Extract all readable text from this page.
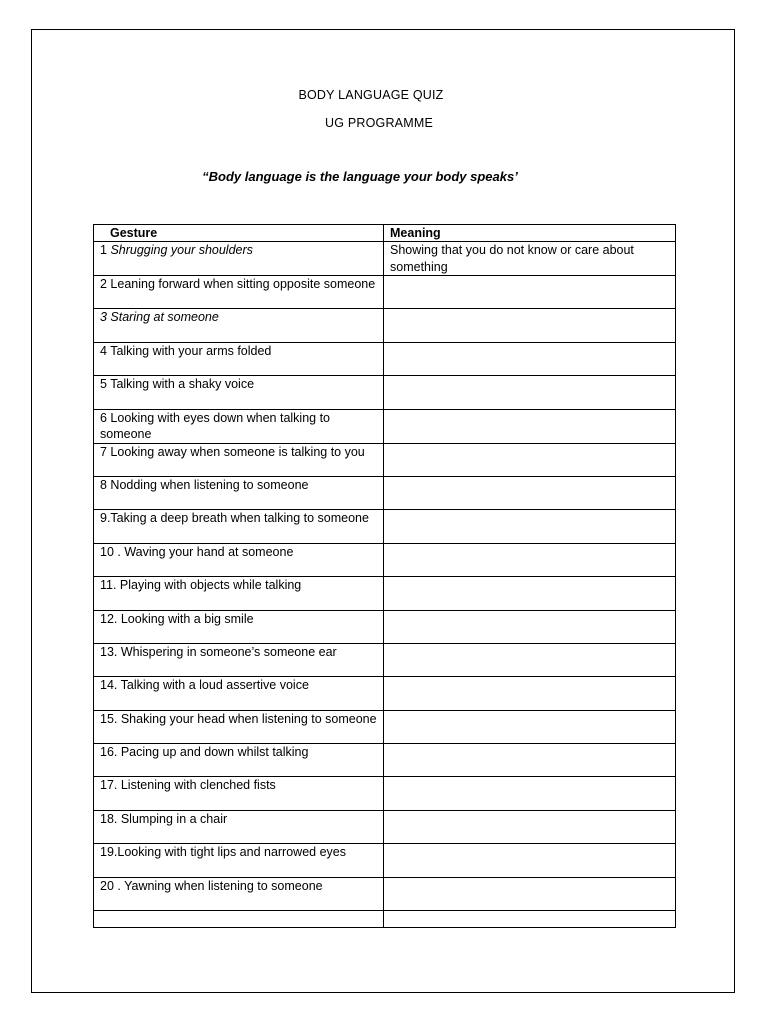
BODY LANGUAGE QUIZ
UG PROGRAMME
“Body language is the language your body speaks’
Gesture	Meaning
1 Shrugging your shoulders	Showing that you do not know or care about something
2 Leaning forward when sitting opposite someone	
3 Staring at someone	
4 Talking with your arms folded	
5 Talking with a shaky voice	
6 Looking with eyes down when talking to someone	
7 Looking away when someone is talking to you	
8 Nodding when listening to someone	
9.Taking a deep breath when talking to someone	
10 . Waving your hand at someone	
11. Playing with objects while talking	
12. Looking with a big smile	
13. Whispering in someone’s someone ear	
14. Talking with a loud assertive voice	
15. Shaking your head when listening to someone	
16. Pacing up and down whilst talking	
17. Listening with clenched fists	
18. Slumping in a chair	
19.Looking with tight lips and narrowed eyes	
20 . Yawning when listening to someone	
